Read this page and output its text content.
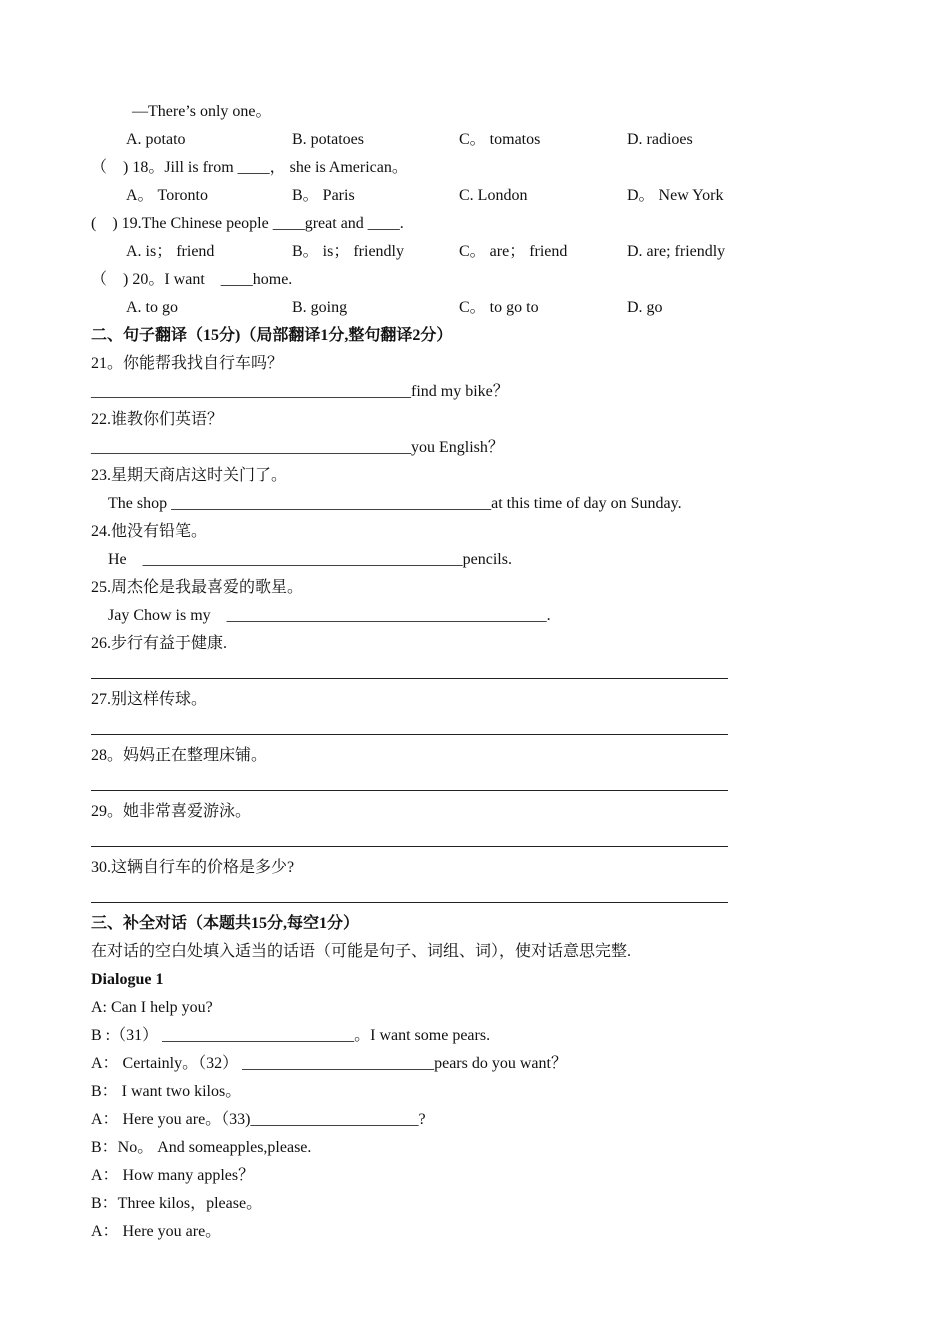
—There’s only one。
A. potato	B. potatoes	C。 tomatos	D. radioes
（　) 18。Jill is from ____， she is American。
A。 Toronto	B。 Paris	C. London	D。 New York
(　) 19.The Chinese people ____great and ____.
A. is； friend	B。 is； friendly	C。 are； friend	D. are; friendly
（　) 20。I want　____home.
A. to go	B. going	C。 to go to	D. go
二、句子翻译（15分)（局部翻译1分,整句翻译2分）
21。你能帮我找自行车吗？
________________________________________find my bike？
22.谁教你们英语？
________________________________________you English？
23.星期天商店这时关门了。
The shop ________________________________________at this time of day on Sunday.
24.他没有铅笔。
He　________________________________________pencils.
25.周杰伦是我最喜爱的歌星。
Jay Chow is my　________________________________________.
26.步行有益于健康.
27.别这样传球。
28。妈妈正在整理床铺。
29。她非常喜爱游泳。
30.这辆自行车的价格是多少?
三、补全对话（本题共15分,每空1分）
在对话的空白处填入适当的话语（可能是句子、词组、词），使对话意思完整.
Dialogue 1
A: Can I help you?
B :（31） ________________________。I want some pears.
A： Certainly。（32） ________________________pears do you want？
B： I want two kilos。
A： Here you are。（33)_____________________?
B：No。 And someapples,please.
A： How many apples？
B：Three kilos，please。
A： Here you are。
